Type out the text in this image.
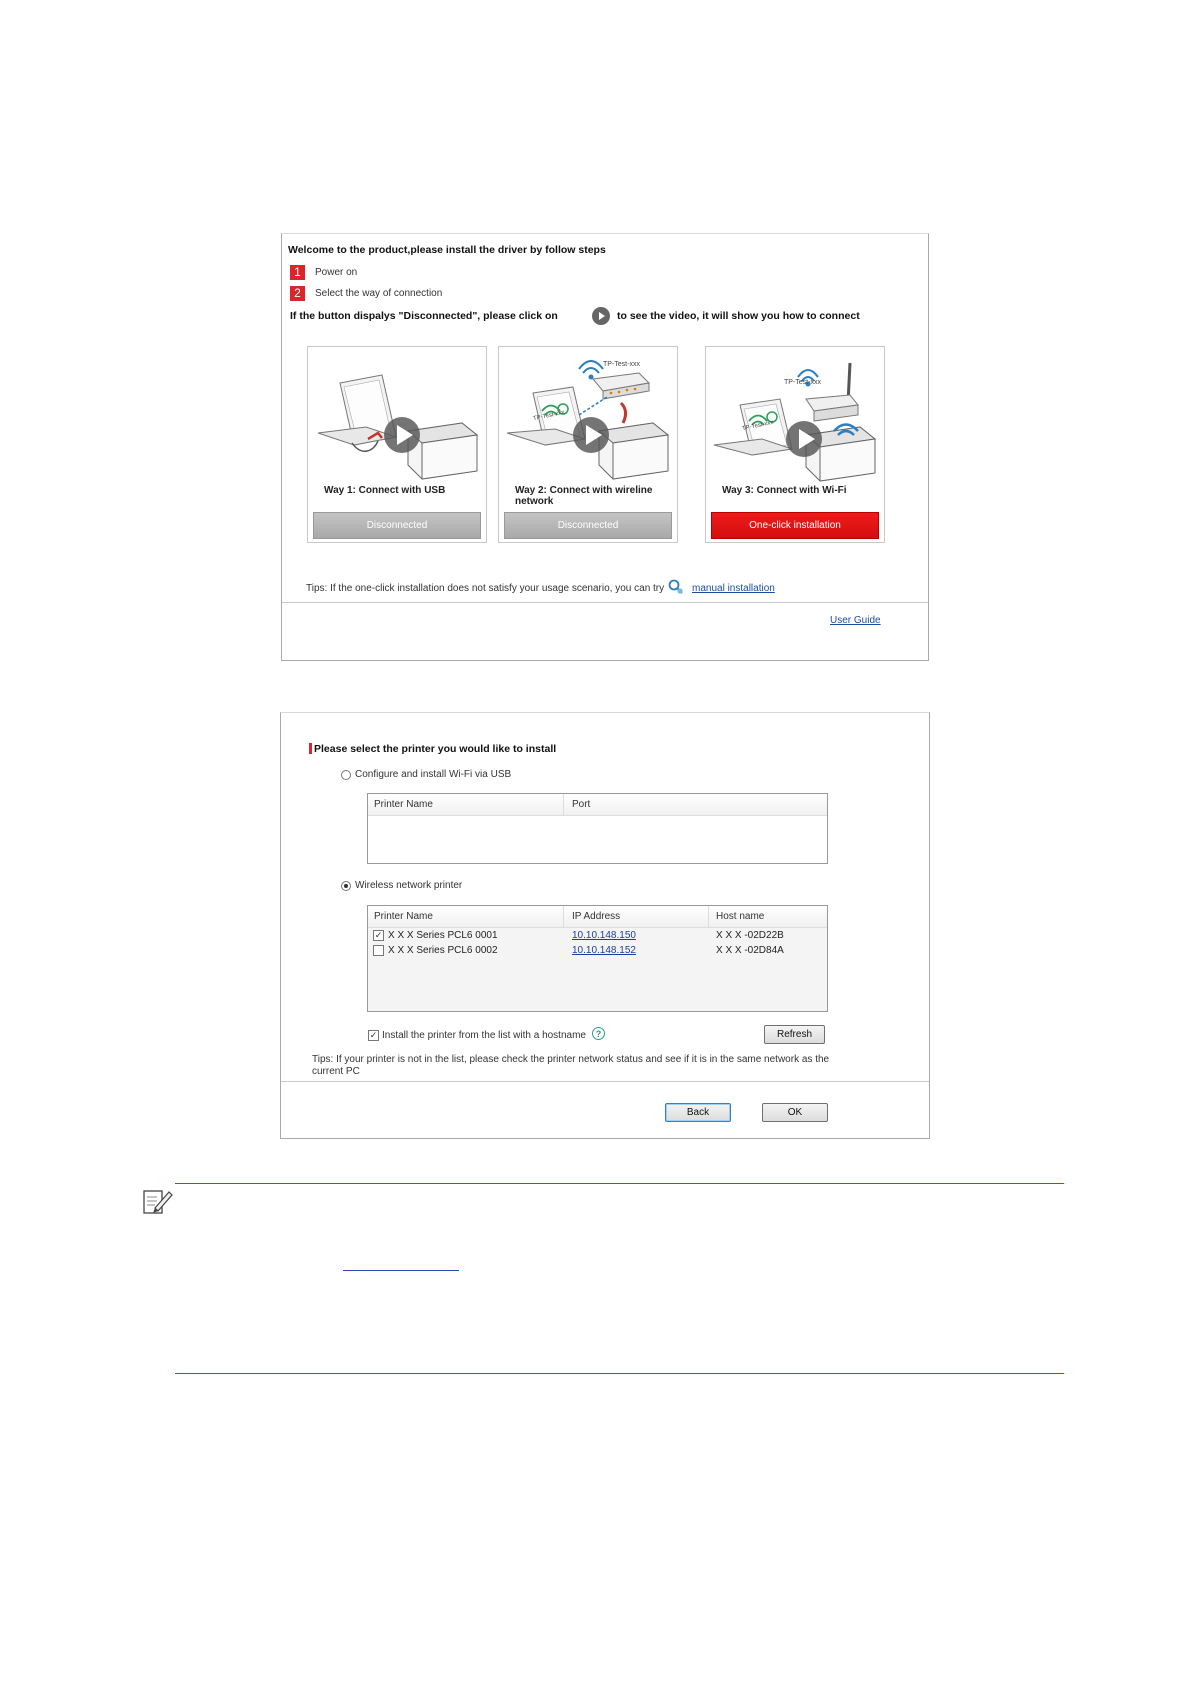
Welcome to the product,please install the driver by follow steps
1	Power on
2	Select the way of connection
If the button dispalys "Disconnected", please click on	to see the video, it will show you how to connect
Way 1: Connect with USB
Disconnected
TP-Test-xxx
TP-Test-xxx
Way 2: Connect with wireline network
Disconnected
TP-Test-xxx
TP-Test-xxx
Way 3: Connect with Wi-Fi
One-click installation
Tips: If the one-click installation does not satisfy your usage scenario, you can try	manual installation
User Guide
Please select the printer you would like to install
Configure and install Wi-Fi via USB
Printer Name	Port
Wireless network printer
Printer Name	IP Address	Host name
✓ X X X Series PCL6 0001	10.10.148.150	X X X -02D22B
X X X Series PCL6 0002	10.10.148.152	X X X -02D84A
✓ Install the printer from the list with a hostname	?	Refresh
Tips: If your printer is not in the list, please check the printer network status and see if it is in the same network as the
current PC
Back	OK
